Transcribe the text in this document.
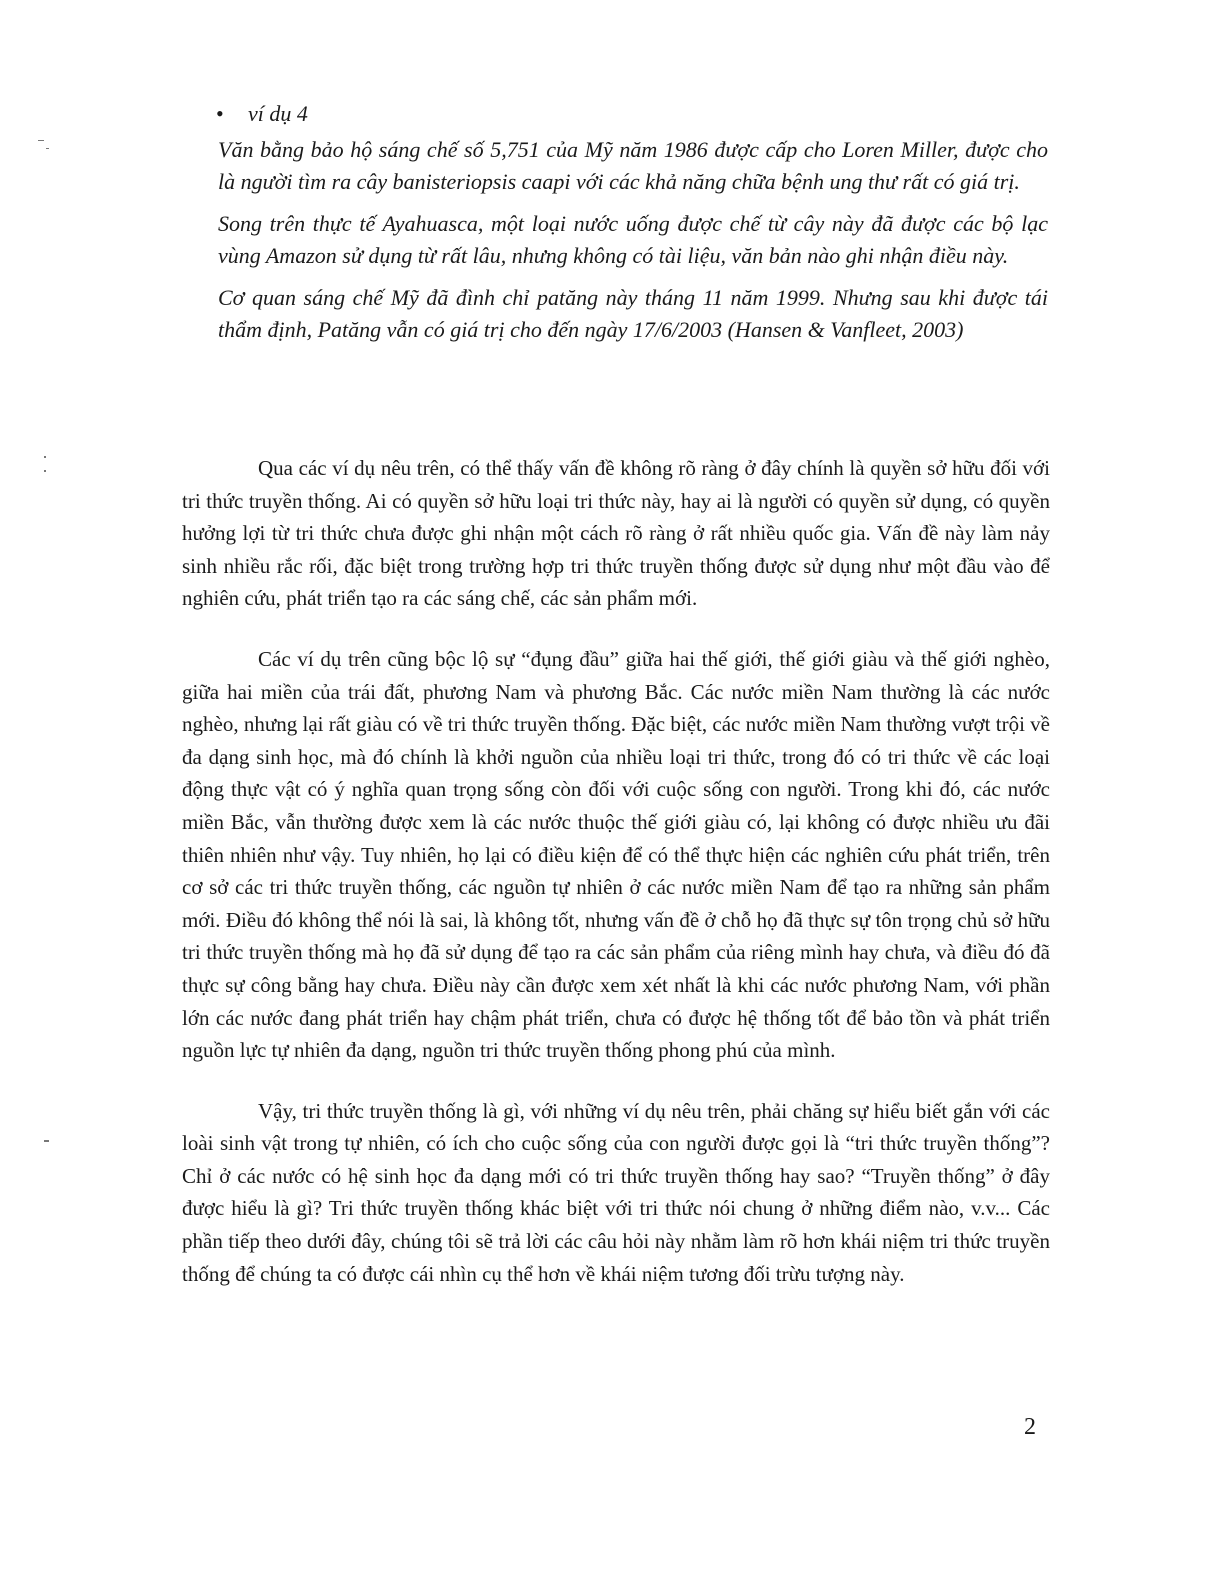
• ví dụ 4

Văn bằng bảo hộ sáng chế số 5,751 của Mỹ năm 1986 được cấp cho Loren Miller, được cho là người tìm ra cây banisteriopsis caapi với các khả năng chữa bệnh ung thư rất có giá trị.

Song trên thực tế Ayahuasca, một loại nước uống được chế từ cây này đã được các bộ lạc vùng Amazon sử dụng từ rất lâu, nhưng không có tài liệu, văn bản nào ghi nhận điều này.

Cơ quan sáng chế Mỹ đã đình chỉ patăng này tháng 11 năm 1999. Nhưng sau khi được tái thẩm định, Patăng vẫn có giá trị cho đến ngày 17/6/2003 (Hansen & Vanfleet, 2003)

Qua các ví dụ nêu trên, có thể thấy vấn đề không rõ ràng ở đây chính là quyền sở hữu đối với tri thức truyền thống. Ai có quyền sở hữu loại tri thức này, hay ai là người có quyền sử dụng, có quyền hưởng lợi từ tri thức chưa được ghi nhận một cách rõ ràng ở rất nhiều quốc gia. Vấn đề này làm nảy sinh nhiều rắc rối, đặc biệt trong trường hợp tri thức truyền thống được sử dụng như một đầu vào để nghiên cứu, phát triển tạo ra các sáng chế, các sản phẩm mới.

Các ví dụ trên cũng bộc lộ sự “đụng đầu” giữa hai thế giới, thế giới giàu và thế giới nghèo, giữa hai miền của trái đất, phương Nam và phương Bắc. Các nước miền Nam thường là các nước nghèo, nhưng lại rất giàu có về tri thức truyền thống. Đặc biệt, các nước miền Nam thường vượt trội về đa dạng sinh học, mà đó chính là khởi nguồn của nhiều loại tri thức, trong đó có tri thức về các loại động thực vật có ý nghĩa quan trọng sống còn đối với cuộc sống con người. Trong khi đó, các nước miền Bắc, vẫn thường được xem là các nước thuộc thế giới giàu có, lại không có được nhiều ưu đãi thiên nhiên như vậy. Tuy nhiên, họ lại có điều kiện để có thể thực hiện các nghiên cứu phát triển, trên cơ sở các tri thức truyền thống, các nguồn tự nhiên ở các nước miền Nam để tạo ra những sản phẩm mới. Điều đó không thể nói là sai, là không tốt, nhưng vấn đề ở chỗ họ đã thực sự tôn trọng chủ sở hữu tri thức truyền thống mà họ đã sử dụng để tạo ra các sản phẩm của riêng mình hay chưa, và điều đó đã thực sự công bằng hay chưa. Điều này cần được xem xét nhất là khi các nước phương Nam, với phần lớn các nước đang phát triển hay chậm phát triển, chưa có được hệ thống tốt để bảo tồn và phát triển nguồn lực tự nhiên đa dạng, nguồn tri thức truyền thống phong phú của mình.

Vậy, tri thức truyền thống là gì, với những ví dụ nêu trên, phải chăng sự hiểu biết gắn với các loài sinh vật trong tự nhiên, có ích cho cuộc sống của con người được gọi là “tri thức truyền thống”? Chỉ ở các nước có hệ sinh học đa dạng mới có tri thức truyền thống hay sao? “Truyền thống” ở đây được hiểu là gì? Tri thức truyền thống khác biệt với tri thức nói chung ở những điểm nào, v.v... Các phần tiếp theo dưới đây, chúng tôi sẽ trả lời các câu hỏi này nhằm làm rõ hơn khái niệm tri thức truyền thống để chúng ta có được cái nhìn cụ thể hơn về khái niệm tương đối trừu tượng này.

2
